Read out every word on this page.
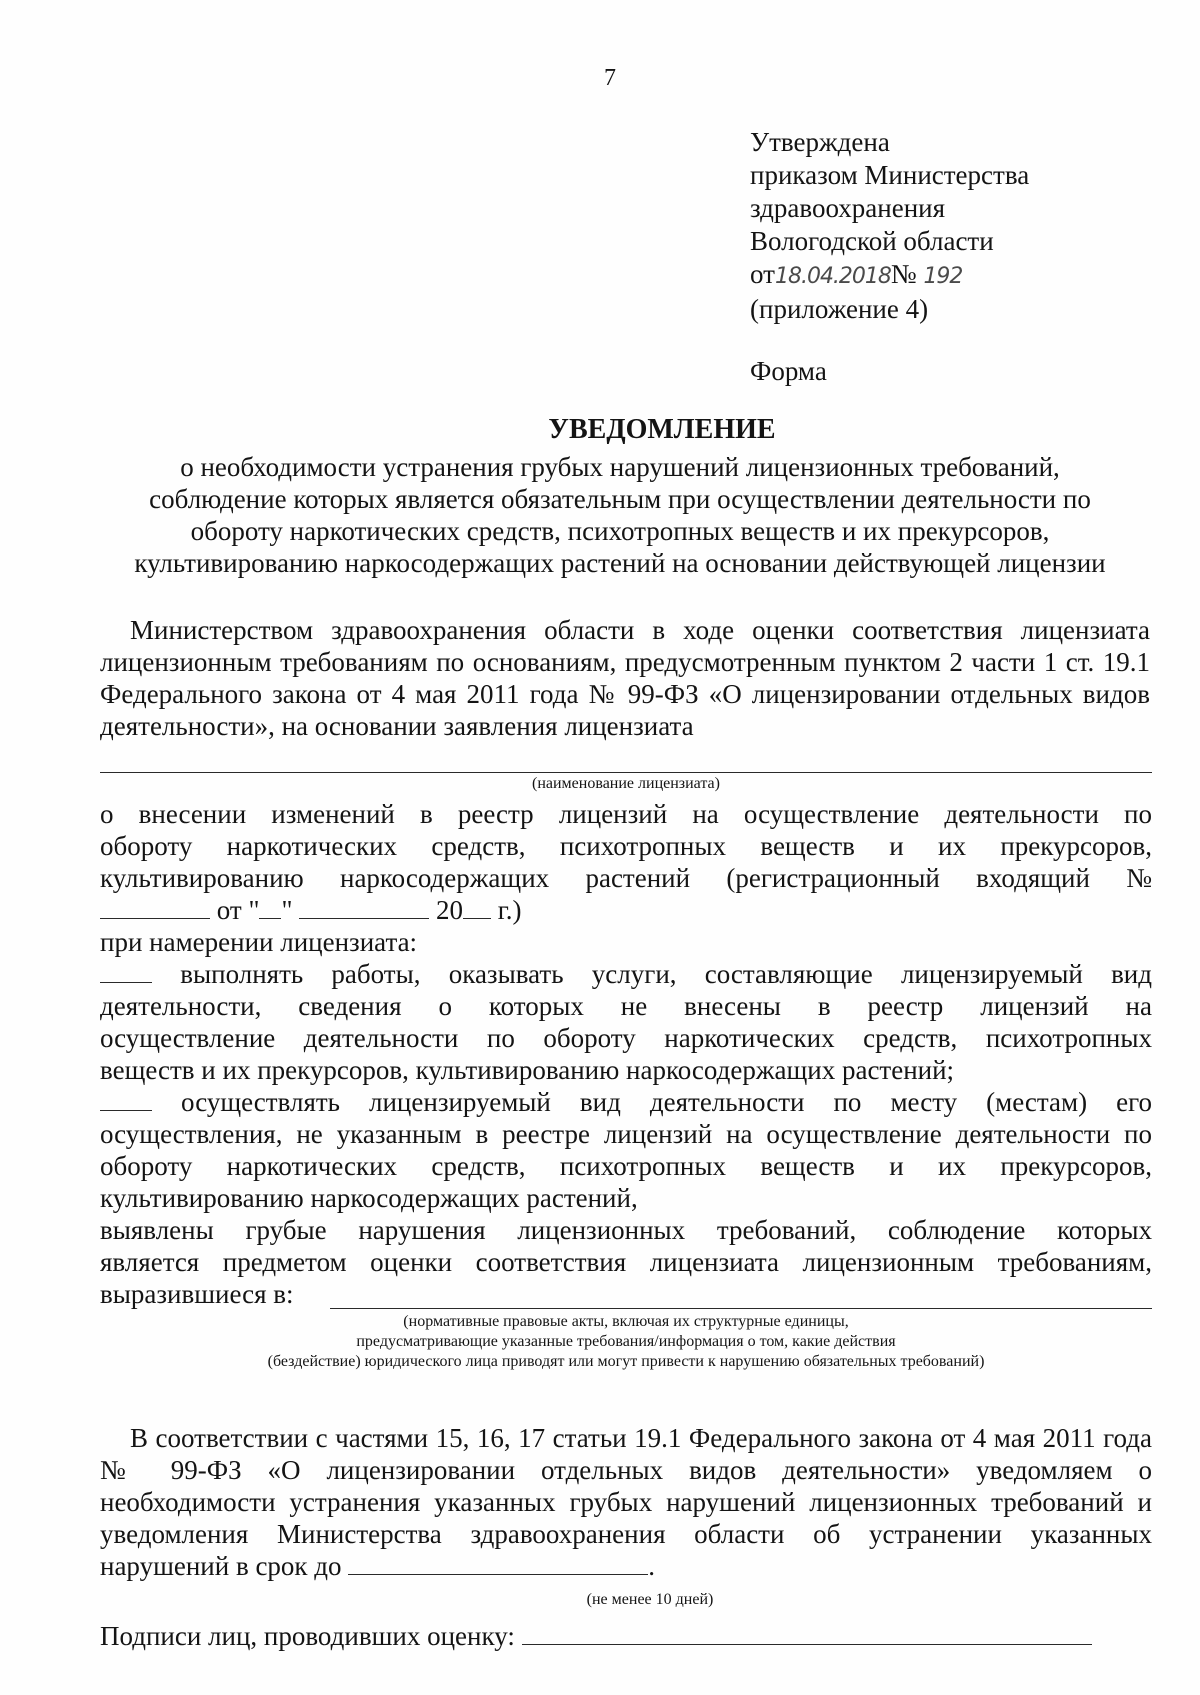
7
Утверждена
приказом Министерства
здравоохранения
Вологодской области
от18.04.2018№ 192
(приложение 4)
Форма
УВЕДОМЛЕНИЕ
о необходимости устранения грубых нарушений лицензионных требований,
соблюдение которых является обязательным при осуществлении деятельности по
обороту наркотических средств, психотропных веществ и их прекурсоров,
культивированию наркосодержащих растений на основании действующей лицензии
Министерством здравоохранения области в ходе оценки соответствия лицензиата лицензионным требованиям по основаниям, предусмотренным пунктом 2 части 1 ст. 19.1 Федерального закона от 4 мая 2011 года № 99-ФЗ «О лицензировании отдельных видов деятельности», на основании заявления лицензиата
(наименование лицензиата)
о внесении изменений в реестр лицензий на осуществление деятельности по
обороту наркотических средств, психотропных веществ и их прекурсоров,
культивированию наркосодержащих растений (регистрационный входящий №
от " "	20 г.)
при намерении лицензиата:
выполнять работы, оказывать услуги, составляющие лицензируемый вид
деятельности, сведения о которых не внесены в реестр лицензий на
осуществление деятельности по обороту наркотических средств, психотропных
веществ и их прекурсоров, культивированию наркосодержащих растений;
осуществлять лицензируемый вид деятельности по месту (местам) его
осуществления, не указанным в реестре лицензий на осуществление деятельности по
обороту наркотических средств, психотропных веществ и их прекурсоров,
культивированию наркосодержащих растений,
выявлены грубые нарушения лицензионных требований, соблюдение которых
является предметом оценки соответствия лицензиата лицензионным требованиям,
выразившиеся в:
(нормативные правовые акты, включая их структурные единицы,
предусматривающие указанные требования/информация о том, какие действия
(бездействие) юридического лица приводят или могут привести к нарушению обязательных требований)
В соответствии с частями 15, 16, 17 статьи 19.1 Федерального закона от 4 мая 2011 года № 99-ФЗ «О лицензировании отдельных видов деятельности» уведомляем о необходимости устранения указанных грубых нарушений лицензионных требований и уведомления Министерства здравоохранения области об устранении указанных нарушений в срок до	.
(не менее 10 дней)
Подписи лиц, проводивших оценку:
